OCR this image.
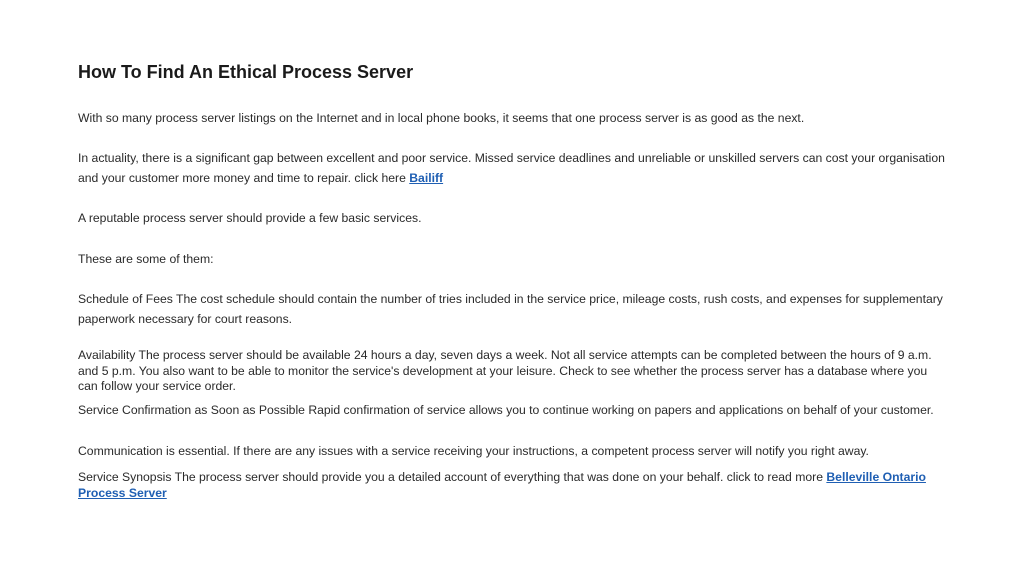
How To Find An Ethical Process Server

With so many process server listings on the Internet and in local phone books, it seems that one process server is as good as the next.

In actuality, there is a significant gap between excellent and poor service. Missed service deadlines and unreliable or unskilled servers can cost your organisation and your customer more money and time to repair. click here Bailiff

A reputable process server should provide a few basic services.

These are some of them:

Schedule of Fees The cost schedule should contain the number of tries included in the service price, mileage costs, rush costs, and expenses for supplementary paperwork necessary for court reasons.

Availability The process server should be available 24 hours a day, seven days a week. Not all service attempts can be completed between the hours of 9 a.m. and 5 p.m. You also want to be able to monitor the service's development at your leisure. Check to see whether the process server has a database where you can follow your service order.

Service Confirmation as Soon as Possible Rapid confirmation of service allows you to continue working on papers and applications on behalf of your customer.

Communication is essential. If there are any issues with a service receiving your instructions, a competent process server will notify you right away.

Service Synopsis The process server should provide you a detailed account of everything that was done on your behalf. click to read more Belleville Ontario Process Server
